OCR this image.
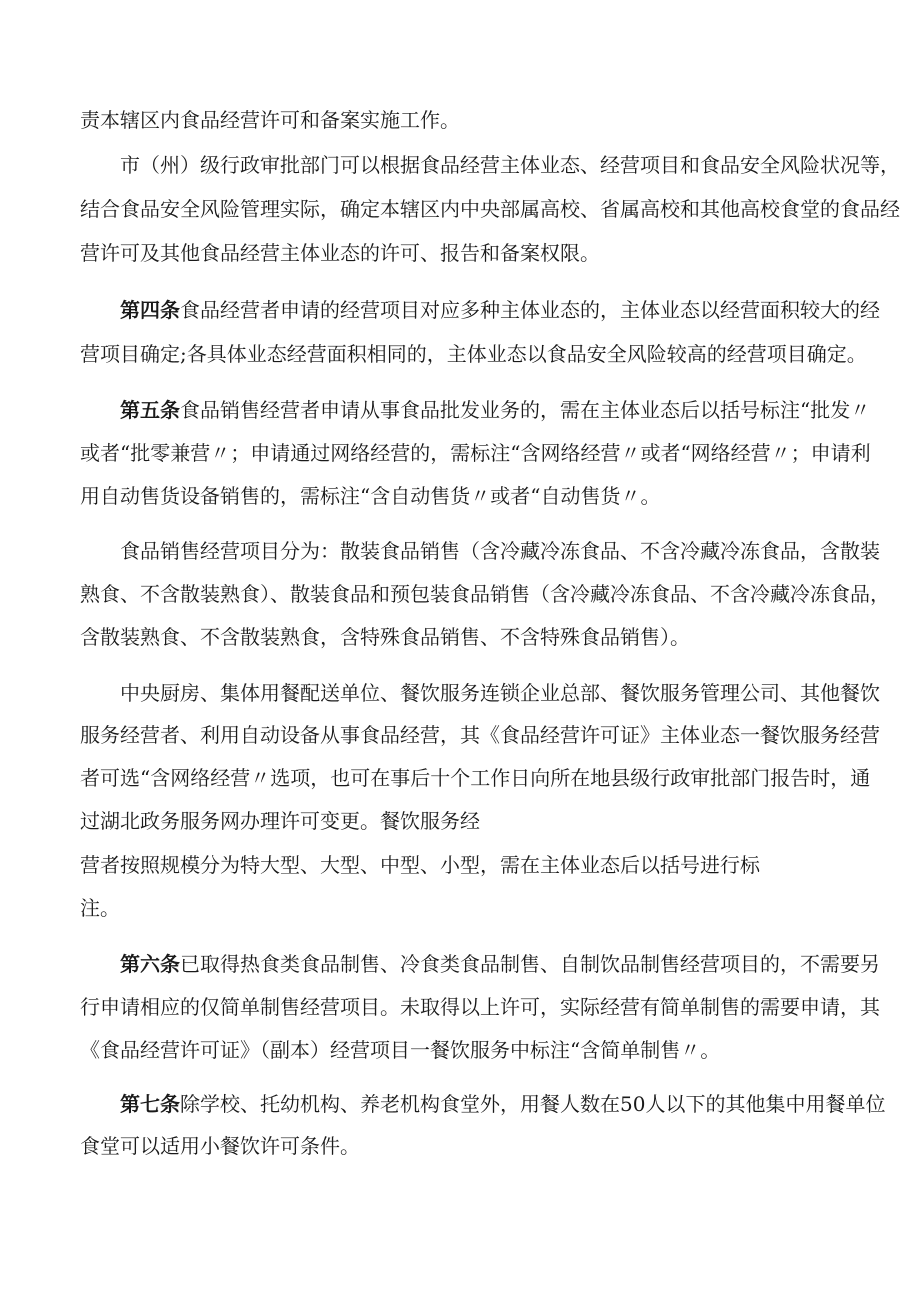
责本辖区内食品经营许可和备案实施工作。

市（州）级行政审批部门可以根据食品经营主体业态、经营项目和食品安全风险状况等，

结合食品安全风险管理实际，确定本辖区内中央部属高校、省属高校和其他高校食堂的食品经

营许可及其他食品经营主体业态的许可、报告和备案权限。

第四条食品经营者申请的经营项目对应多种主体业态的，主体业态以经营面积较大的经

营项目确定;各具体业态经营面积相同的，主体业态以食品安全风险较高的经营项目确定。

第五条食品销售经营者申请从事食品批发业务的，需在主体业态后以括号标注“批发〃

或者“批零兼营〃；申请通过网络经营的，需标注“含网络经营〃或者“网络经营〃；申请利

用自动售货设备销售的，需标注“含自动售货〃或者“自动售货〃。

食品销售经营项目分为：散装食品销售（含冷藏冷冻食品、不含冷藏冷冻食品，含散装

熟食、不含散装熟食）、散装食品和预包装食品销售（含冷藏冷冻食品、不含冷藏冷冻食品，

含散装熟食、不含散装熟食，含特殊食品销售、不含特殊食品销售）。

中央厨房、集体用餐配送单位、餐饮服务连锁企业总部、餐饮服务管理公司、其他餐饮

服务经营者、利用自动设备从事食品经营，其《食品经营许可证》主体业态一餐饮服务经营

者可选“含网络经营〃选项，也可在事后十个工作日向所在地县级行政审批部门报告时，通

过湖北政务服务网办理许可变更。餐饮服务经

营者按照规模分为特大型、大型、中型、小型，需在主体业态后以括号进行标

注。

第六条已取得热食类食品制售、冷食类食品制售、自制饮品制售经营项目的，不需要另

行申请相应的仅简单制售经营项目。未取得以上许可，实际经营有简单制售的需要申请，其

《食品经营许可证》（副本）经营项目一餐饮服务中标注“含简单制售〃。

第七条除学校、托幼机构、养老机构食堂外，用餐人数在50人以下的其他集中用餐单位

食堂可以适用小餐饮许可条件。
